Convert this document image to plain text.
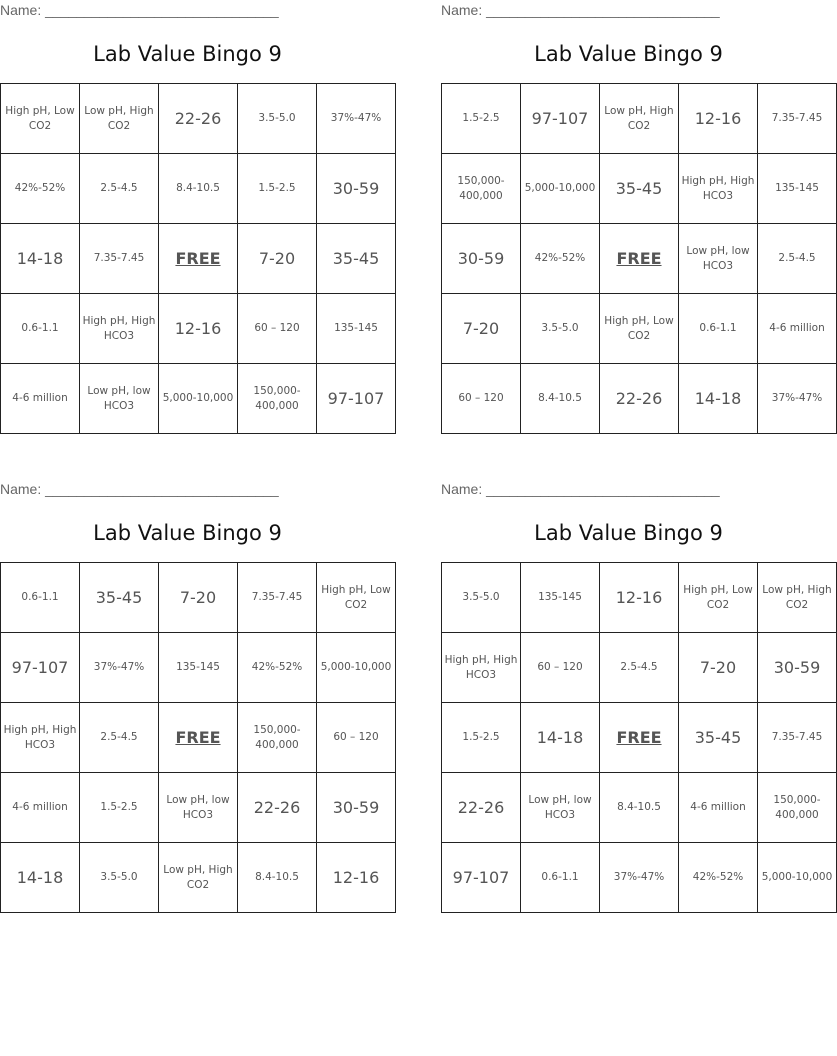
Name: ______________________________
Lab Value Bingo 9
High pH, Low CO2	Low pH, High CO2	22-26	3.5-5.0	37%-47%
42%-52%	2.5-4.5	8.4-10.5	1.5-2.5	30-59
14-18	7.35-7.45	FREE	7-20	35-45
0.6-1.1	High pH, High HCO3	12-16	60 – 120	135-145
4-6 million	Low pH, low HCO3	5,000-10,000	150,000-400,000	97-107
Name: ______________________________
Lab Value Bingo 9
1.5-2.5	97-107	Low pH, High CO2	12-16	7.35-7.45
150,000-400,000	5,000-10,000	35-45	High pH, High HCO3	135-145
30-59	42%-52%	FREE	Low pH, low HCO3	2.5-4.5
7-20	3.5-5.0	High pH, Low CO2	0.6-1.1	4-6 million
60 – 120	8.4-10.5	22-26	14-18	37%-47%
Name: ______________________________
Lab Value Bingo 9
0.6-1.1	35-45	7-20	7.35-7.45	High pH, Low CO2
97-107	37%-47%	135-145	42%-52%	5,000-10,000
High pH, High HCO3	2.5-4.5	FREE	150,000-400,000	60 – 120
4-6 million	1.5-2.5	Low pH, low HCO3	22-26	30-59
14-18	3.5-5.0	Low pH, High CO2	8.4-10.5	12-16
Name: ______________________________
Lab Value Bingo 9
3.5-5.0	135-145	12-16	High pH, Low CO2	Low pH, High CO2
High pH, High HCO3	60 – 120	2.5-4.5	7-20	30-59
1.5-2.5	14-18	FREE	35-45	7.35-7.45
22-26	Low pH, low HCO3	8.4-10.5	4-6 million	150,000-400,000
97-107	0.6-1.1	37%-47%	42%-52%	5,000-10,000
